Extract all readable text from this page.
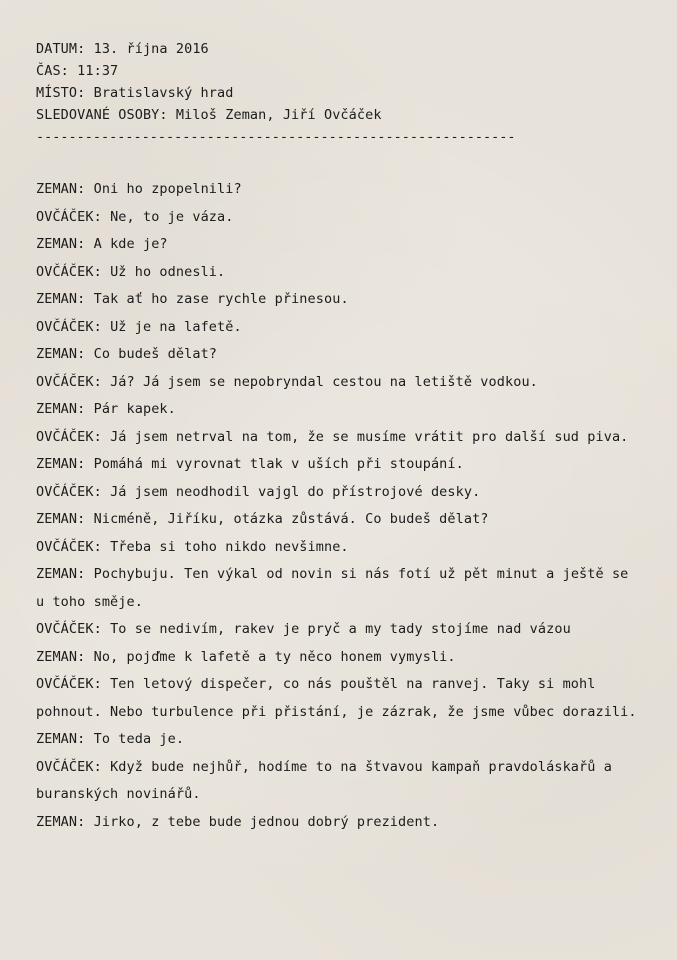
DATUM: 13. října 2016
ČAS: 11:37
MÍSTO: Bratislavský hrad
SLEDOVANÉ OSOBY: Miloš Zeman, Jiří Ovčáček
-----------------------------------------------------------
ZEMAN: Oni ho zpopelnili?
OVČÁČEK: Ne, to je váza.
ZEMAN: A kde je?
OVČÁČEK: Už ho odnesli.
ZEMAN: Tak ať ho zase rychle přinesou.
OVČÁČEK: Už je na lafetě.
ZEMAN: Co budeš dělat?
OVČÁČEK: Já? Já jsem se nepobryndal cestou na letiště vodkou.
ZEMAN: Pár kapek.
OVČÁČEK: Já jsem netrval na tom, že se musíme vrátit pro další sud piva.
ZEMAN: Pomáhá mi vyrovnat tlak v uších při stoupání.
OVČÁČEK: Já jsem neodhodil vajgl do přístrojové desky.
ZEMAN: Nicméně, Jiříku, otázka zůstává. Co budeš dělat?
OVČÁČEK: Třeba si toho nikdo nevšimne.
ZEMAN: Pochybuju. Ten výkal od novin si nás fotí už pět minut a ještě se u toho směje.
OVČÁČEK: To se nedivím, rakev je pryč a my tady stojíme nad vázou
ZEMAN: No, pojďme k lafetě a ty něco honem vymysli.
OVČÁČEK: Ten letový dispečer, co nás pouštěl na ranvej. Taky si mohl pohnout. Nebo turbulence při přistání, je zázrak, že jsme vůbec dorazili.
ZEMAN: To teda je.
OVČÁČEK: Když bude nejhůř, hodíme to na štvavou kampaň pravdoláskařů a buranských novinářů.
ZEMAN: Jirko, z tebe bude jednou dobrý prezident.
